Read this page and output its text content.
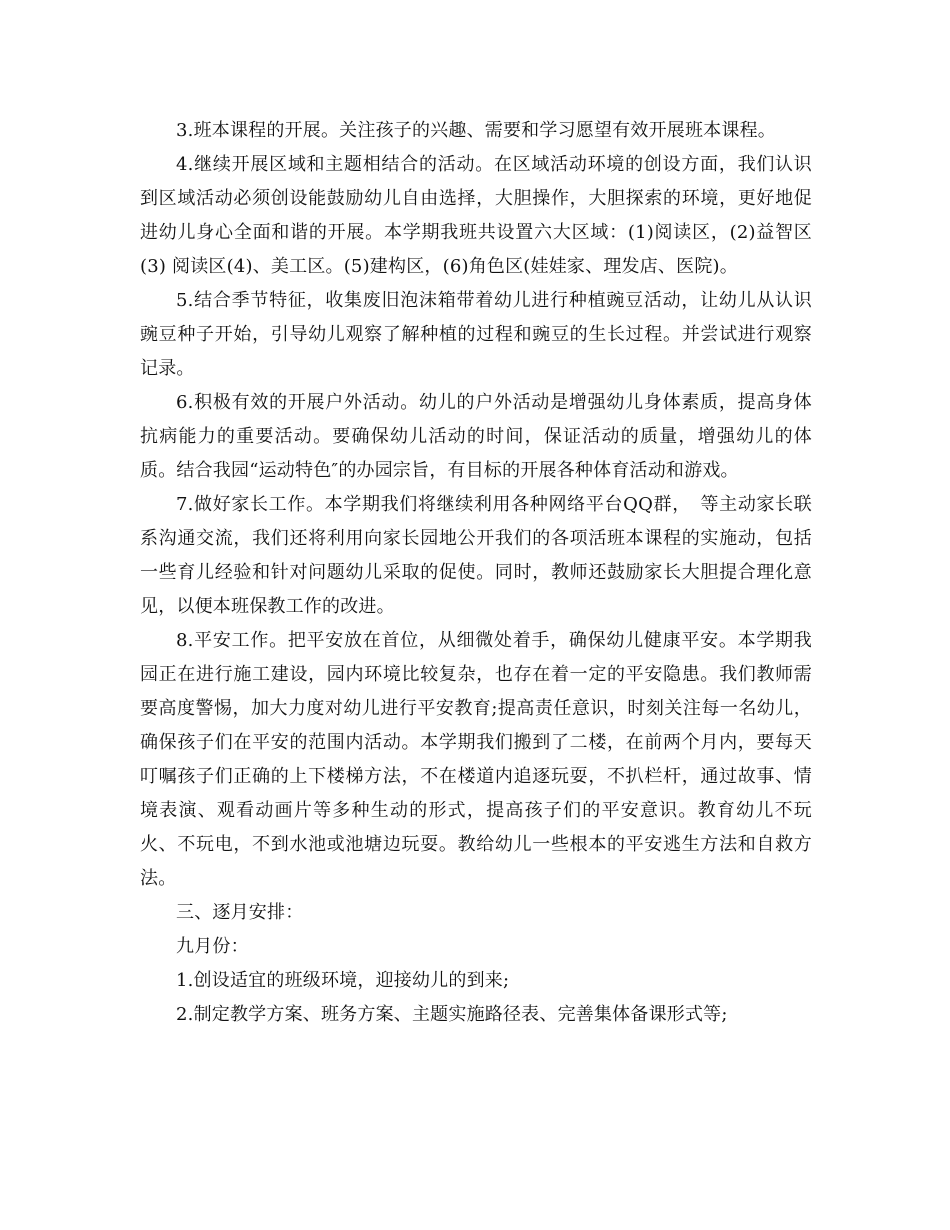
3.班本课程的开展。关注孩子的兴趣、需要和学习愿望有效开展班本课程。

4.继续开展区域和主题相结合的活动。在区域活动环境的创设方面，我们认识到区域活动必须创设能鼓励幼儿自由选择，大胆操作，大胆探索的环境，更好地促进幼儿身心全面和谐的开展。本学期我班共设置六大区域：(1)阅读区，(2)益智区(3) 阅读区(4)、美工区。(5)建构区，(6)角色区(娃娃家、理发店、医院)。

5.结合季节特征，收集废旧泡沫箱带着幼儿进行种植豌豆活动，让幼儿从认识豌豆种子开始，引导幼儿观察了解种植的过程和豌豆的生长过程。并尝试进行观察记录。

6.积极有效的开展户外活动。幼儿的户外活动是增强幼儿身体素质，提高身体抗病能力的重要活动。要确保幼儿活动的时间，保证活动的质量，增强幼儿的体质。结合我园“运动特色″的办园宗旨，有目标的开展各种体育活动和游戏。

7.做好家长工作。本学期我们将继续利用各种网络平台QQ群，　等主动家长联系沟通交流，我们还将利用向家长园地公开我们的各项活班本课程的实施动，包括一些育儿经验和针对问题幼儿采取的促使。同时，教师还鼓励家长大胆提合理化意见，以便本班保教工作的改进。

8.平安工作。把平安放在首位，从细微处着手，确保幼儿健康平安。本学期我园正在进行施工建设，园内环境比较复杂，也存在着一定的平安隐患。我们教师需要高度警惕，加大力度对幼儿进行平安教育;提高责任意识，时刻关注每一名幼儿，确保孩子们在平安的范围内活动。本学期我们搬到了二楼，在前两个月内，要每天叮嘱孩子们正确的上下楼梯方法，不在楼道内追逐玩耍，不扒栏杆，通过故事、情境表演、观看动画片等多种生动的形式，提高孩子们的平安意识。教育幼儿不玩火、不玩电，不到水池或池塘边玩耍。教给幼儿一些根本的平安逃生方法和自救方法。

三、逐月安排：

九月份：

1.创设适宜的班级环境，迎接幼儿的到来;

2.制定教学方案、班务方案、主题实施路径表、完善集体备课形式等;
